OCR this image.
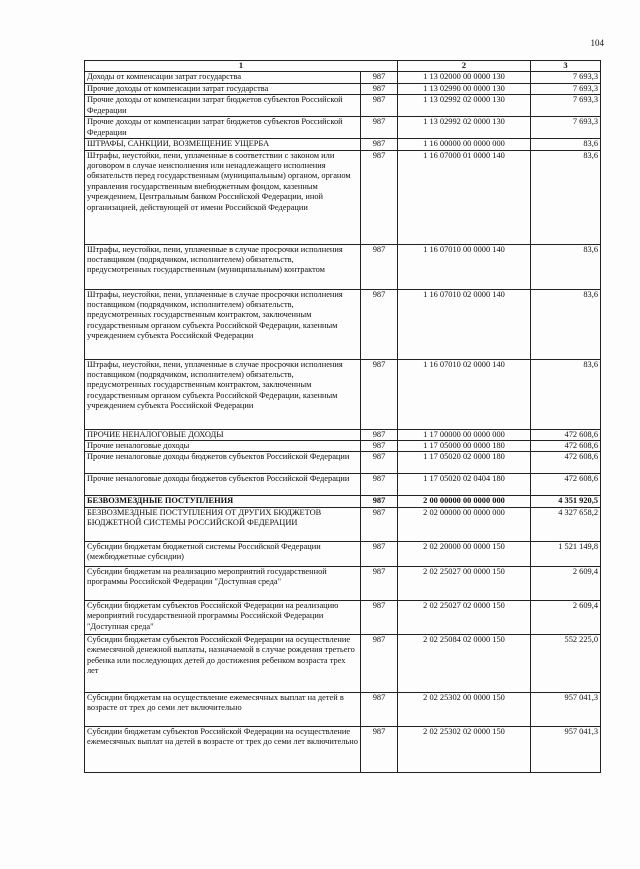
104
1		2	3
Доходы от компенсации затрат государства	987	1 13 02000 00 0000 130	7 693,3
Прочие доходы от компенсации затрат государства	987	1 13 02990 00 0000 130	7 693,3
Прочие доходы от компенсации затрат бюджетов субъектов Российской Федерации	987	1 13 02992 02 0000 130	7 693,3
Прочие доходы от компенсации затрат бюджетов субъектов Российской Федерации	987	1 13 02992 02 0000 130	7 693,3
ШТРАФЫ, САНКЦИИ, ВОЗМЕЩЕНИЕ УЩЕРБА	987	1 16 00000 00 0000 000	83,6
Штрафы, неустойки, пени, уплаченные в соответствии с законом или договором в случае неисполнения или ненадлежащего исполнения обязательств перед государственным (муниципальным) органом, органом управления государственным внебюджетным фондом, казенным учреждением, Центральным банком Российской Федерации, иной организацией, действующей от имени Российской Федерации	987	1 16 07000 01 0000 140	83,6
Штрафы, неустойки, пени, уплаченные в случае просрочки исполнения поставщиком (подрядчиком, исполнителем) обязательств, предусмотренных государственным (муниципальным) контрактом	987	1 16 07010 00 0000 140	83,6
Штрафы, неустойки, пени, уплаченные в случае просрочки исполнения поставщиком (подрядчиком, исполнителем) обязательств, предусмотренных государственным контрактом, заключенным государственным органом субъекта Российской Федерации, казенным учреждением субъекта Российской Федерации	987	1 16 07010 02 0000 140	83,6
Штрафы, неустойки, пени, уплаченные в случае просрочки исполнения поставщиком (подрядчиком, исполнителем) обязательств, предусмотренных государственным контрактом, заключенным государственным органом субъекта Российской Федерации, казенным учреждением субъекта Российской Федерации	987	1 16 07010 02 0000 140	83,6
ПРОЧИЕ НЕНАЛОГОВЫЕ ДОХОДЫ	987	1 17 00000 00 0000 000	472 608,6
Прочие неналоговые доходы	987	1 17 05000 00 0000 180	472 608,6
Прочие неналоговые доходы бюджетов субъектов Российской Федерации	987	1 17 05020 02 0000 180	472 608,6
Прочие неналоговые доходы бюджетов субъектов Российской Федерации	987	1 17 05020 02 0404 180	472 608,6
БЕЗВОЗМЕЗДНЫЕ ПОСТУПЛЕНИЯ	987	2 00 00000 00 0000 000	4 351 920,5
БЕЗВОЗМЕЗДНЫЕ ПОСТУПЛЕНИЯ ОТ ДРУГИХ БЮДЖЕТОВ БЮДЖЕТНОЙ СИСТЕМЫ РОССИЙСКОЙ ФЕДЕРАЦИИ	987	2 02 00000 00 0000 000	4 327 658,2
Субсидии бюджетам бюджетной системы Российской Федерации (межбюджетные субсидии)	987	2 02 20000 00 0000 150	1 521 149,8
Субсидии бюджетам на реализацию мероприятий государственной программы Российской Федерации "Доступная среда"	987	2 02 25027 00 0000 150	2 609,4
Субсидии бюджетам субъектов Российской Федерации на реализацию мероприятий государственной программы Российской Федерации "Доступная среда"	987	2 02 25027 02 0000 150	2 609,4
Субсидии бюджетам субъектов Российской Федерации на осуществление ежемесячной денежной выплаты, назначаемой в случае рождения третьего ребенка или последующих детей до достижения ребенком возраста трех лет	987	2 02 25084 02 0000 150	552 225,0
Субсидии бюджетам на осуществление ежемесячных выплат на детей в возрасте от трех до семи лет включительно	987	2 02 25302 00 0000 150	957 041,3
Субсидии бюджетам субъектов Российской Федерации на осуществление ежемесячных выплат на детей в возрасте от трех до семи лет включительно	987	2 02 25302 02 0000 150	957 041,3
